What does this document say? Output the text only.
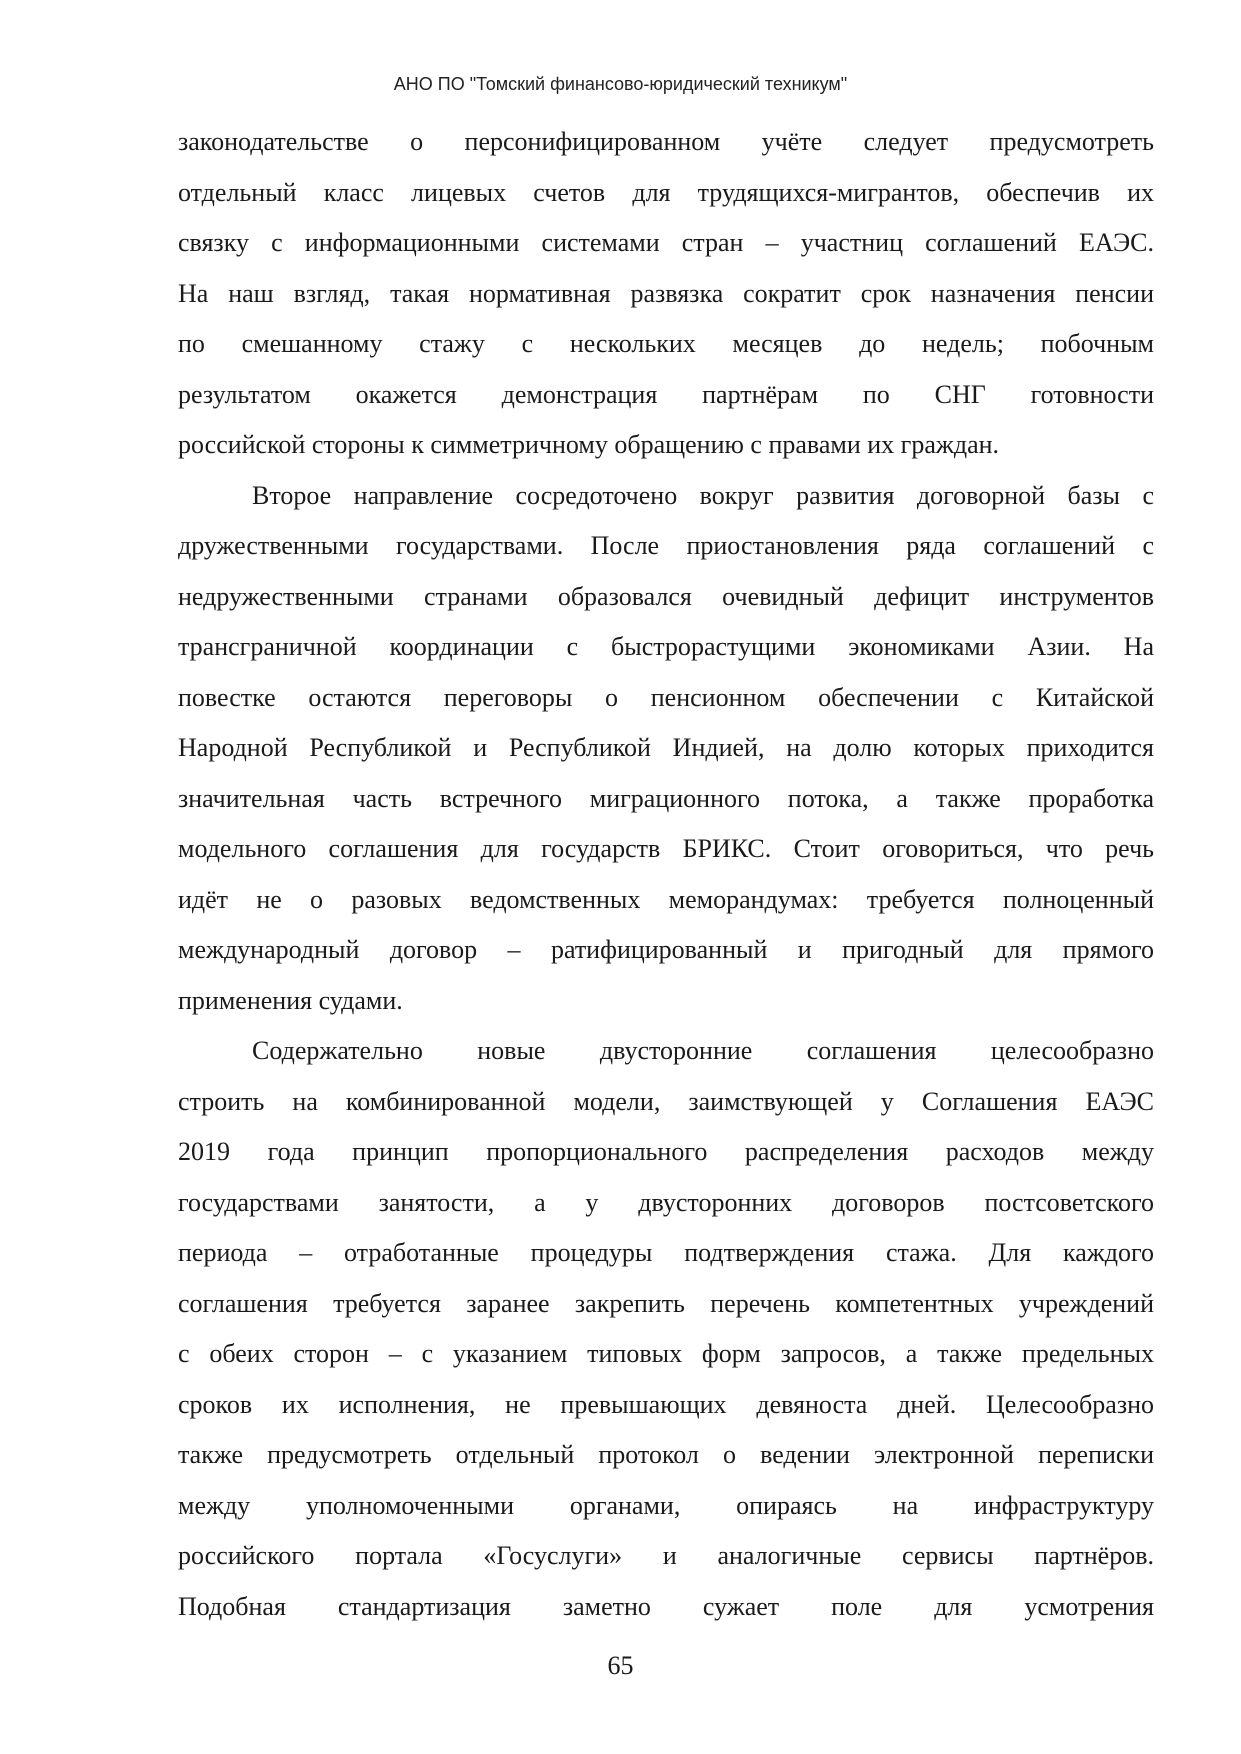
АНО ПО "Томский финансово-юридический техникум"
законодательстве о персонифицированном учёте следует предусмотреть
отдельный класс лицевых счетов для трудящихся-мигрантов, обеспечив их
связку с информационными системами стран – участниц соглашений ЕАЭС.
На наш взгляд, такая нормативная развязка сократит срок назначения пенсии
по смешанному стажу с нескольких месяцев до недель; побочным
результатом окажется демонстрация партнёрам по СНГ готовности
российской стороны к симметричному обращению с правами их граждан.
Второе направление сосредоточено вокруг развития договорной базы с
дружественными государствами. После приостановления ряда соглашений с
недружественными странами образовался очевидный дефицит инструментов
трансграничной координации с быстрорастущими экономиками Азии. На
повестке остаются переговоры о пенсионном обеспечении с Китайской
Народной Республикой и Республикой Индией, на долю которых приходится
значительная часть встречного миграционного потока, а также проработка
модельного соглашения для государств БРИКС. Стоит оговориться, что речь
идёт не о разовых ведомственных меморандумах: требуется полноценный
международный договор – ратифицированный и пригодный для прямого
применения судами.
Содержательно новые двусторонние соглашения целесообразно
строить на комбинированной модели, заимствующей у Соглашения ЕАЭС
2019 года принцип пропорционального распределения расходов между
государствами занятости, а у двусторонних договоров постсоветского
периода – отработанные процедуры подтверждения стажа. Для каждого
соглашения требуется заранее закрепить перечень компетентных учреждений
с обеих сторон – с указанием типовых форм запросов, а также предельных
сроков их исполнения, не превышающих девяноста дней. Целесообразно
также предусмотреть отдельный протокол о ведении электронной переписки
между уполномоченными органами, опираясь на инфраструктуру
российского портала «Госуслуги» и аналогичные сервисы партнёров.
Подобная стандартизация заметно сужает поле для усмотрения
65
